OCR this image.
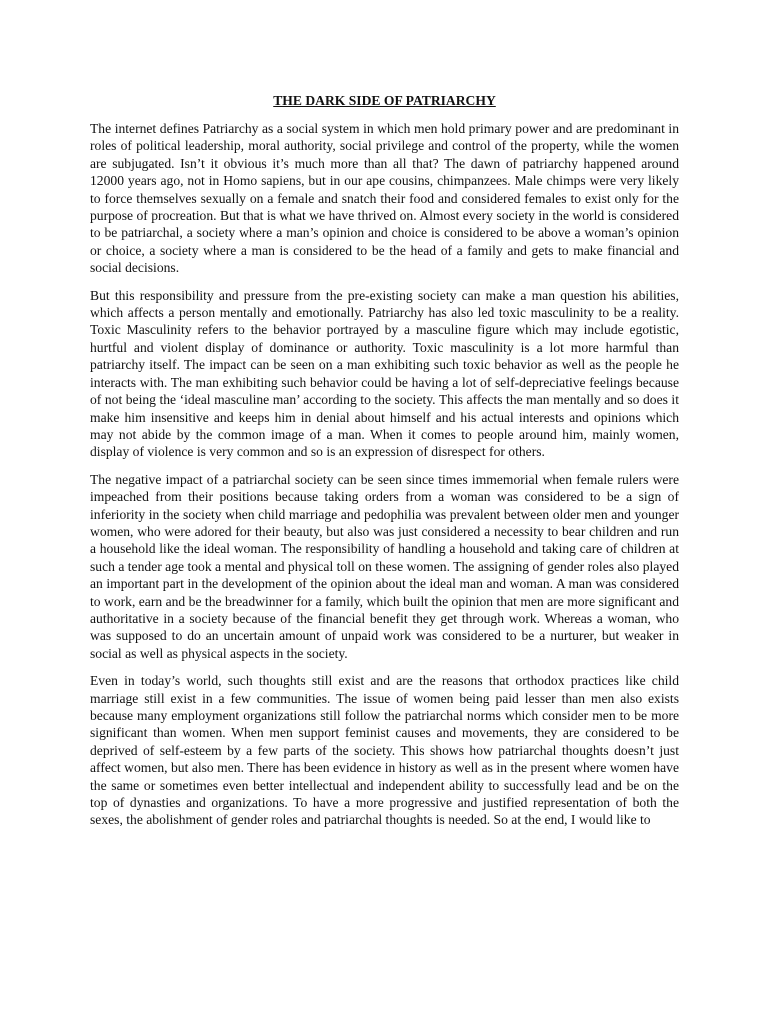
THE DARK SIDE OF PATRIARCHY

The internet defines Patriarchy as a social system in which men hold primary power and are predominant in roles of political leadership, moral authority, social privilege and control of the property, while the women are subjugated. Isn’t it obvious it’s much more than all that? The dawn of patriarchy happened around 12000 years ago, not in Homo sapiens, but in our ape cousins, chimpanzees. Male chimps were very likely to force themselves sexually on a female and snatch their food and considered females to exist only for the purpose of procreation. But that is what we have thrived on. Almost every society in the world is considered to be patriarchal, a society where a man’s opinion and choice is considered to be above a woman’s opinion or choice, a society where a man is considered to be the head of a family and gets to make financial and social decisions.

But this responsibility and pressure from the pre-existing society can make a man question his abilities, which affects a person mentally and emotionally. Patriarchy has also led toxic masculinity to be a reality. Toxic Masculinity refers to the behavior portrayed by a masculine figure which may include egotistic, hurtful and violent display of dominance or authority. Toxic masculinity is a lot more harmful than patriarchy itself. The impact can be seen on a man exhibiting such toxic behavior as well as the people he interacts with. The man exhibiting such behavior could be having a lot of self-depreciative feelings because of not being the ‘ideal masculine man’ according to the society. This affects the man mentally and so does it make him insensitive and keeps him in denial about himself and his actual interests and opinions which may not abide by the common image of a man. When it comes to people around him, mainly women, display of violence is very common and so is an expression of disrespect for others.

The negative impact of a patriarchal society can be seen since times immemorial when female rulers were impeached from their positions because taking orders from a woman was considered to be a sign of inferiority in the society when child marriage and pedophilia was prevalent between older men and younger women, who were adored for their beauty, but also was just considered a necessity to bear children and run a household like the ideal woman. The responsibility of handling a household and taking care of children at such a tender age took a mental and physical toll on these women. The assigning of gender roles also played an important part in the development of the opinion about the ideal man and woman. A man was considered to work, earn and be the breadwinner for a family, which built the opinion that men are more significant and authoritative in a society because of the financial benefit they get through work. Whereas a woman, who was supposed to do an uncertain amount of unpaid work was considered to be a nurturer, but weaker in social as well as physical aspects in the society.

Even in today’s world, such thoughts still exist and are the reasons that orthodox practices like child marriage still exist in a few communities. The issue of women being paid lesser than men also exists because many employment organizations still follow the patriarchal norms which consider men to be more significant than women. When men support feminist causes and movements, they are considered to be deprived of self-esteem by a few parts of the society. This shows how patriarchal thoughts doesn’t just affect women, but also men. There has been evidence in history as well as in the present where women have the same or sometimes even better intellectual and independent ability to successfully lead and be on the top of dynasties and organizations. To have a more progressive and justified representation of both the sexes, the abolishment of gender roles and patriarchal thoughts is needed. So at the end, I would like to
